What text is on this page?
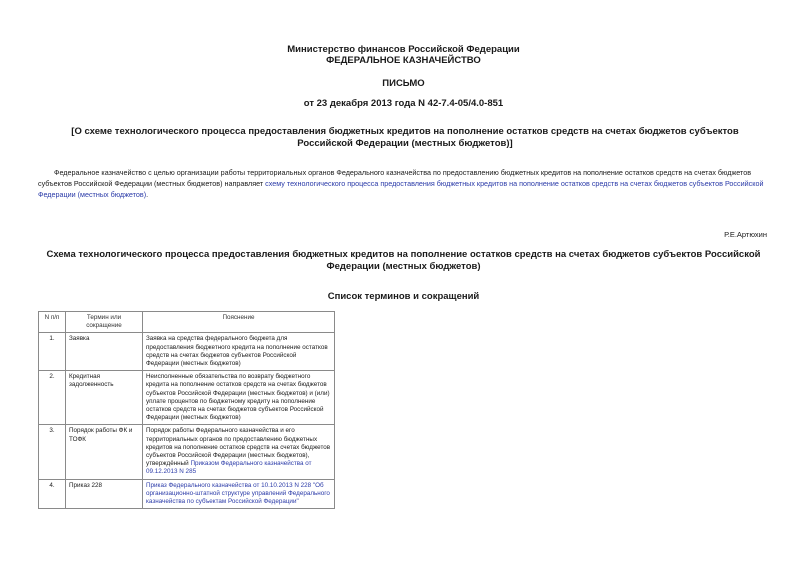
Министерство финансов Российской Федерации
ФЕДЕРАЛЬНОЕ КАЗНАЧЕЙСТВО
ПИСЬМО
от 23 декабря 2013 года N 42-7.4-05/4.0-851
[О схеме технологического процесса предоставления бюджетных кредитов на пополнение остатков средств на счетах бюджетов субъектов Российской Федерации (местных бюджетов)]
Федеральное казначейство с целью организации работы территориальных органов Федерального казначейства по предоставлению бюджетных кредитов на пополнение остатков средств на счетах бюджетов субъектов Российской Федерации (местных бюджетов) направляет схему технологического процесса предоставления бюджетных кредитов на пополнение остатков средств на счетах бюджетов субъектов Российской Федерации (местных бюджетов).
Р.Е.Артюхин
Схема технологического процесса предоставления бюджетных кредитов на пополнение остатков средств на счетах бюджетов субъектов Российской Федерации (местных бюджетов)
Список терминов и сокращений
N п/п	Термин или сокращение	Пояснение
1.	Заявка	Заявка на средства федерального бюджета для предоставления бюджетного кредита на пополнение остатков средств на счетах бюджетов субъектов Российской Федерации (местных бюджетов)
2.	Кредитная задолженность	Неисполненные обязательства по возврату бюджетного кредита на пополнение остатков средств на счетах бюджетов субъектов Российской Федерации (местных бюджетов) и (или) уплате процентов по бюджетному кредиту на пополнение остатков средств на счетах бюджетов субъектов Российской Федерации (местных бюджетов)
3.	Порядок работы ФК и ТОФК	Порядок работы Федерального казначейства и его территориальных органов по предоставлению бюджетных кредитов на пополнение остатков средств на счетах бюджетов субъектов Российской Федерации (местных бюджетов), утверждённый Приказом Федерального казначейства от 09.12.2013 N 285
4.	Приказ 228	Приказ Федерального казначейства от 10.10.2013 N 228 "Об организационно-штатной структуре управлений Федерального казначейства по субъектам Российской Федерации"
